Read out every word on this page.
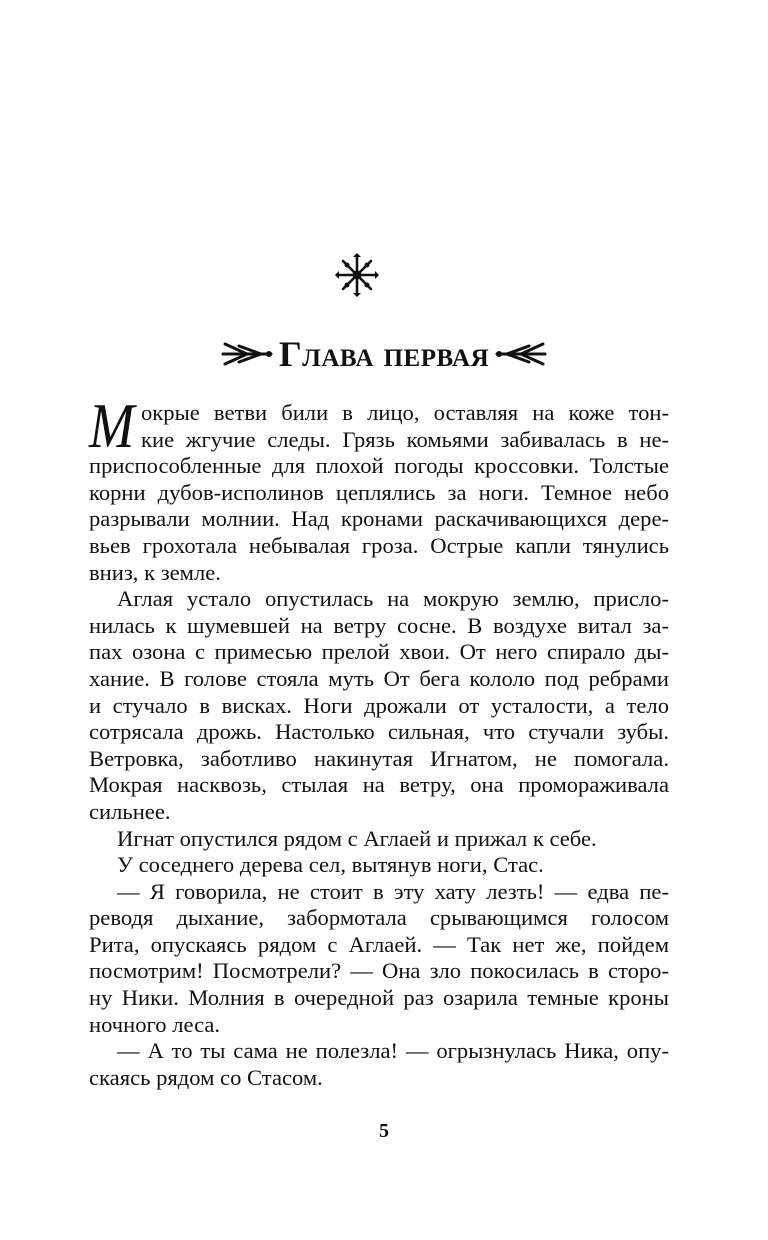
Глава первая
М окрые ветви били в лицо, оставляя на коже тон-
кие жгучие следы. Грязь комьями забивалась в не-
приспособленные для плохой погоды кроссовки. Толстые
корни дубов-исполинов цеплялись за ноги. Темное небо
разрывали молнии. Над кронами раскачивающихся дере-
вьев грохотала небывалая гроза. Острые капли тянулись
вниз, к земле.
Аглая устало опустилась на мокрую землю, присло-
нилась к шумевшей на ветру сосне. В воздухе витал за-
пах озона с примесью прелой хвои. От него спирало ды-
хание. В голове стояла муть От бега кололо под ребрами
и стучало в висках. Ноги дрожали от усталости, а тело
сотрясала дрожь. Настолько сильная, что стучали зубы.
Ветровка, заботливо накинутая Игнатом, не помогала.
Мокрая насквозь, стылая на ветру, она проморaживала
сильнее.
Игнат опустился рядом с Аглаей и прижал к себе.
У соседнего дерева сел, вытянув ноги, Стас.
— Я говорила, не стоит в эту хату лезть! — едва пе-
реводя дыхание, забормотала срывающимся голосом
Рита, опускаясь рядом с Аглаей. — Так нет же, пойдем
посмотрим! Посмотрели? — Она зло покосилась в сторо-
ну Ники. Молния в очередной раз озарила темные кроны
ночного леса.
— А то ты сама не полезла! — огрызнулась Ника, опу-
скаясь рядом со Стасом.
5
